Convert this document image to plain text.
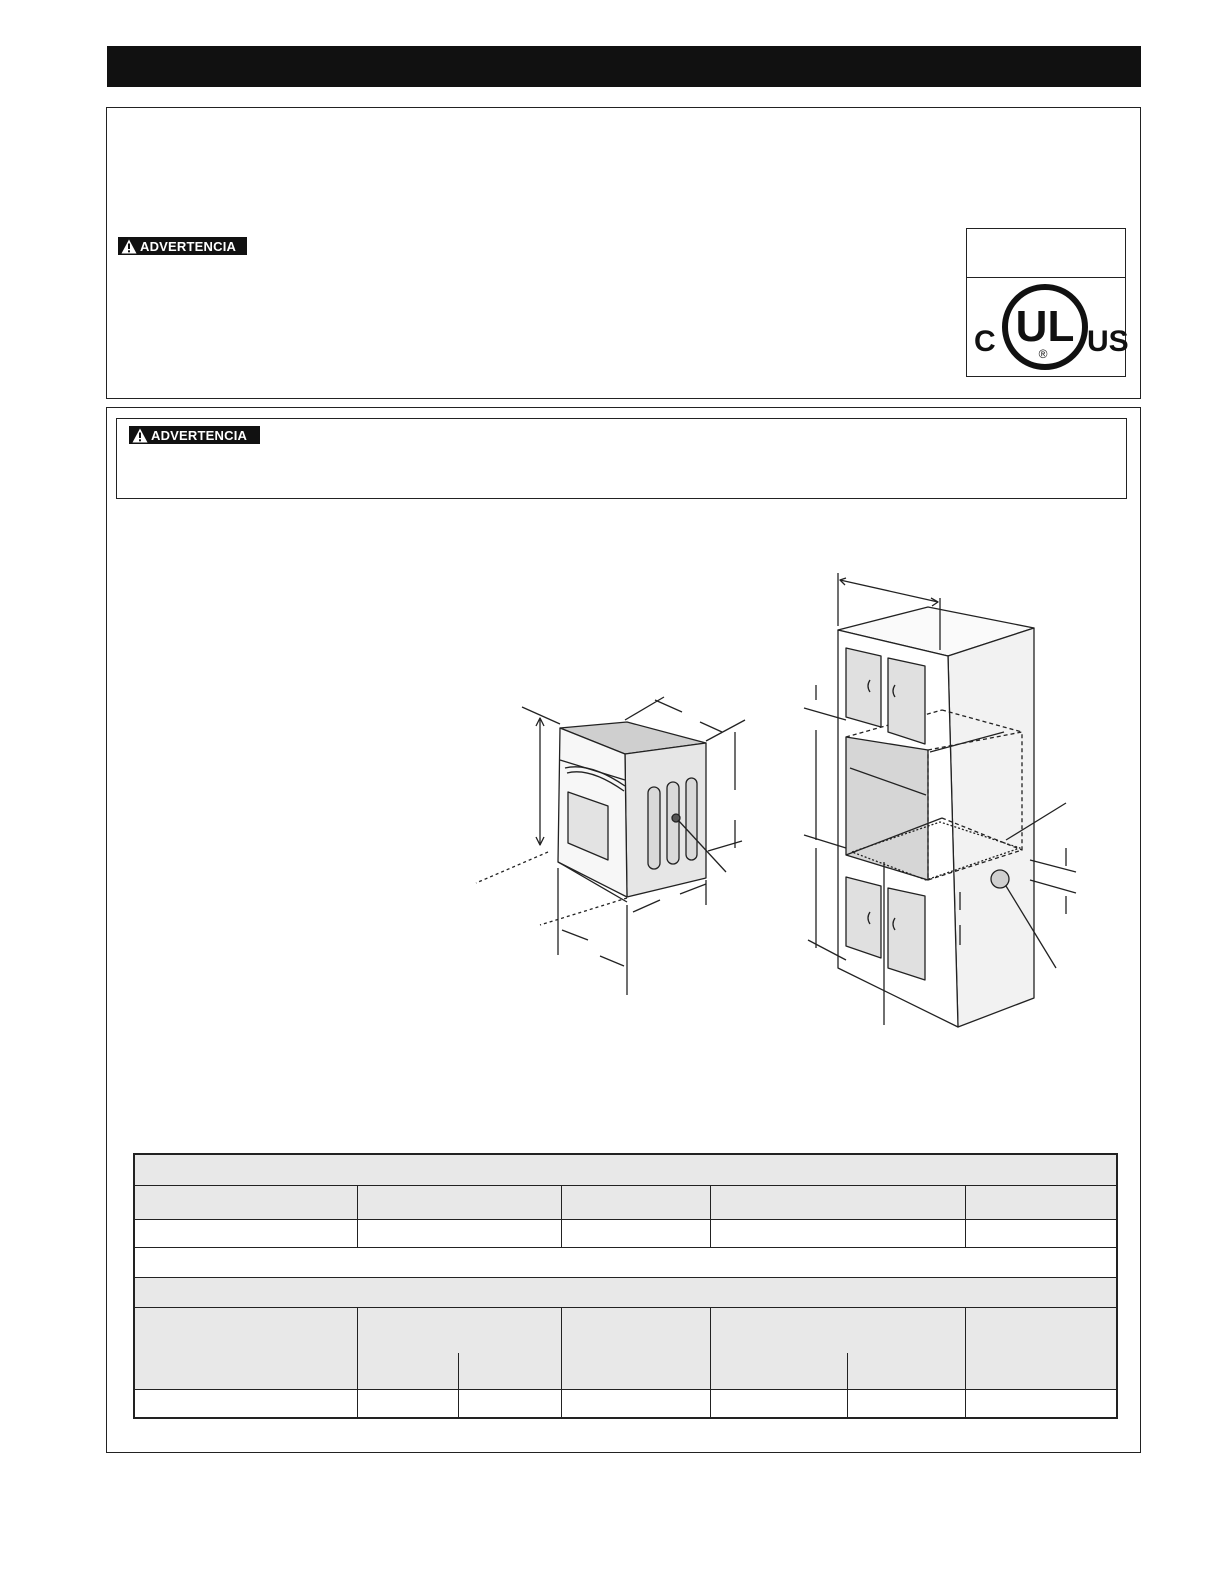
ADVERTENCIA
C UL
® US
ADVERTENCIA
